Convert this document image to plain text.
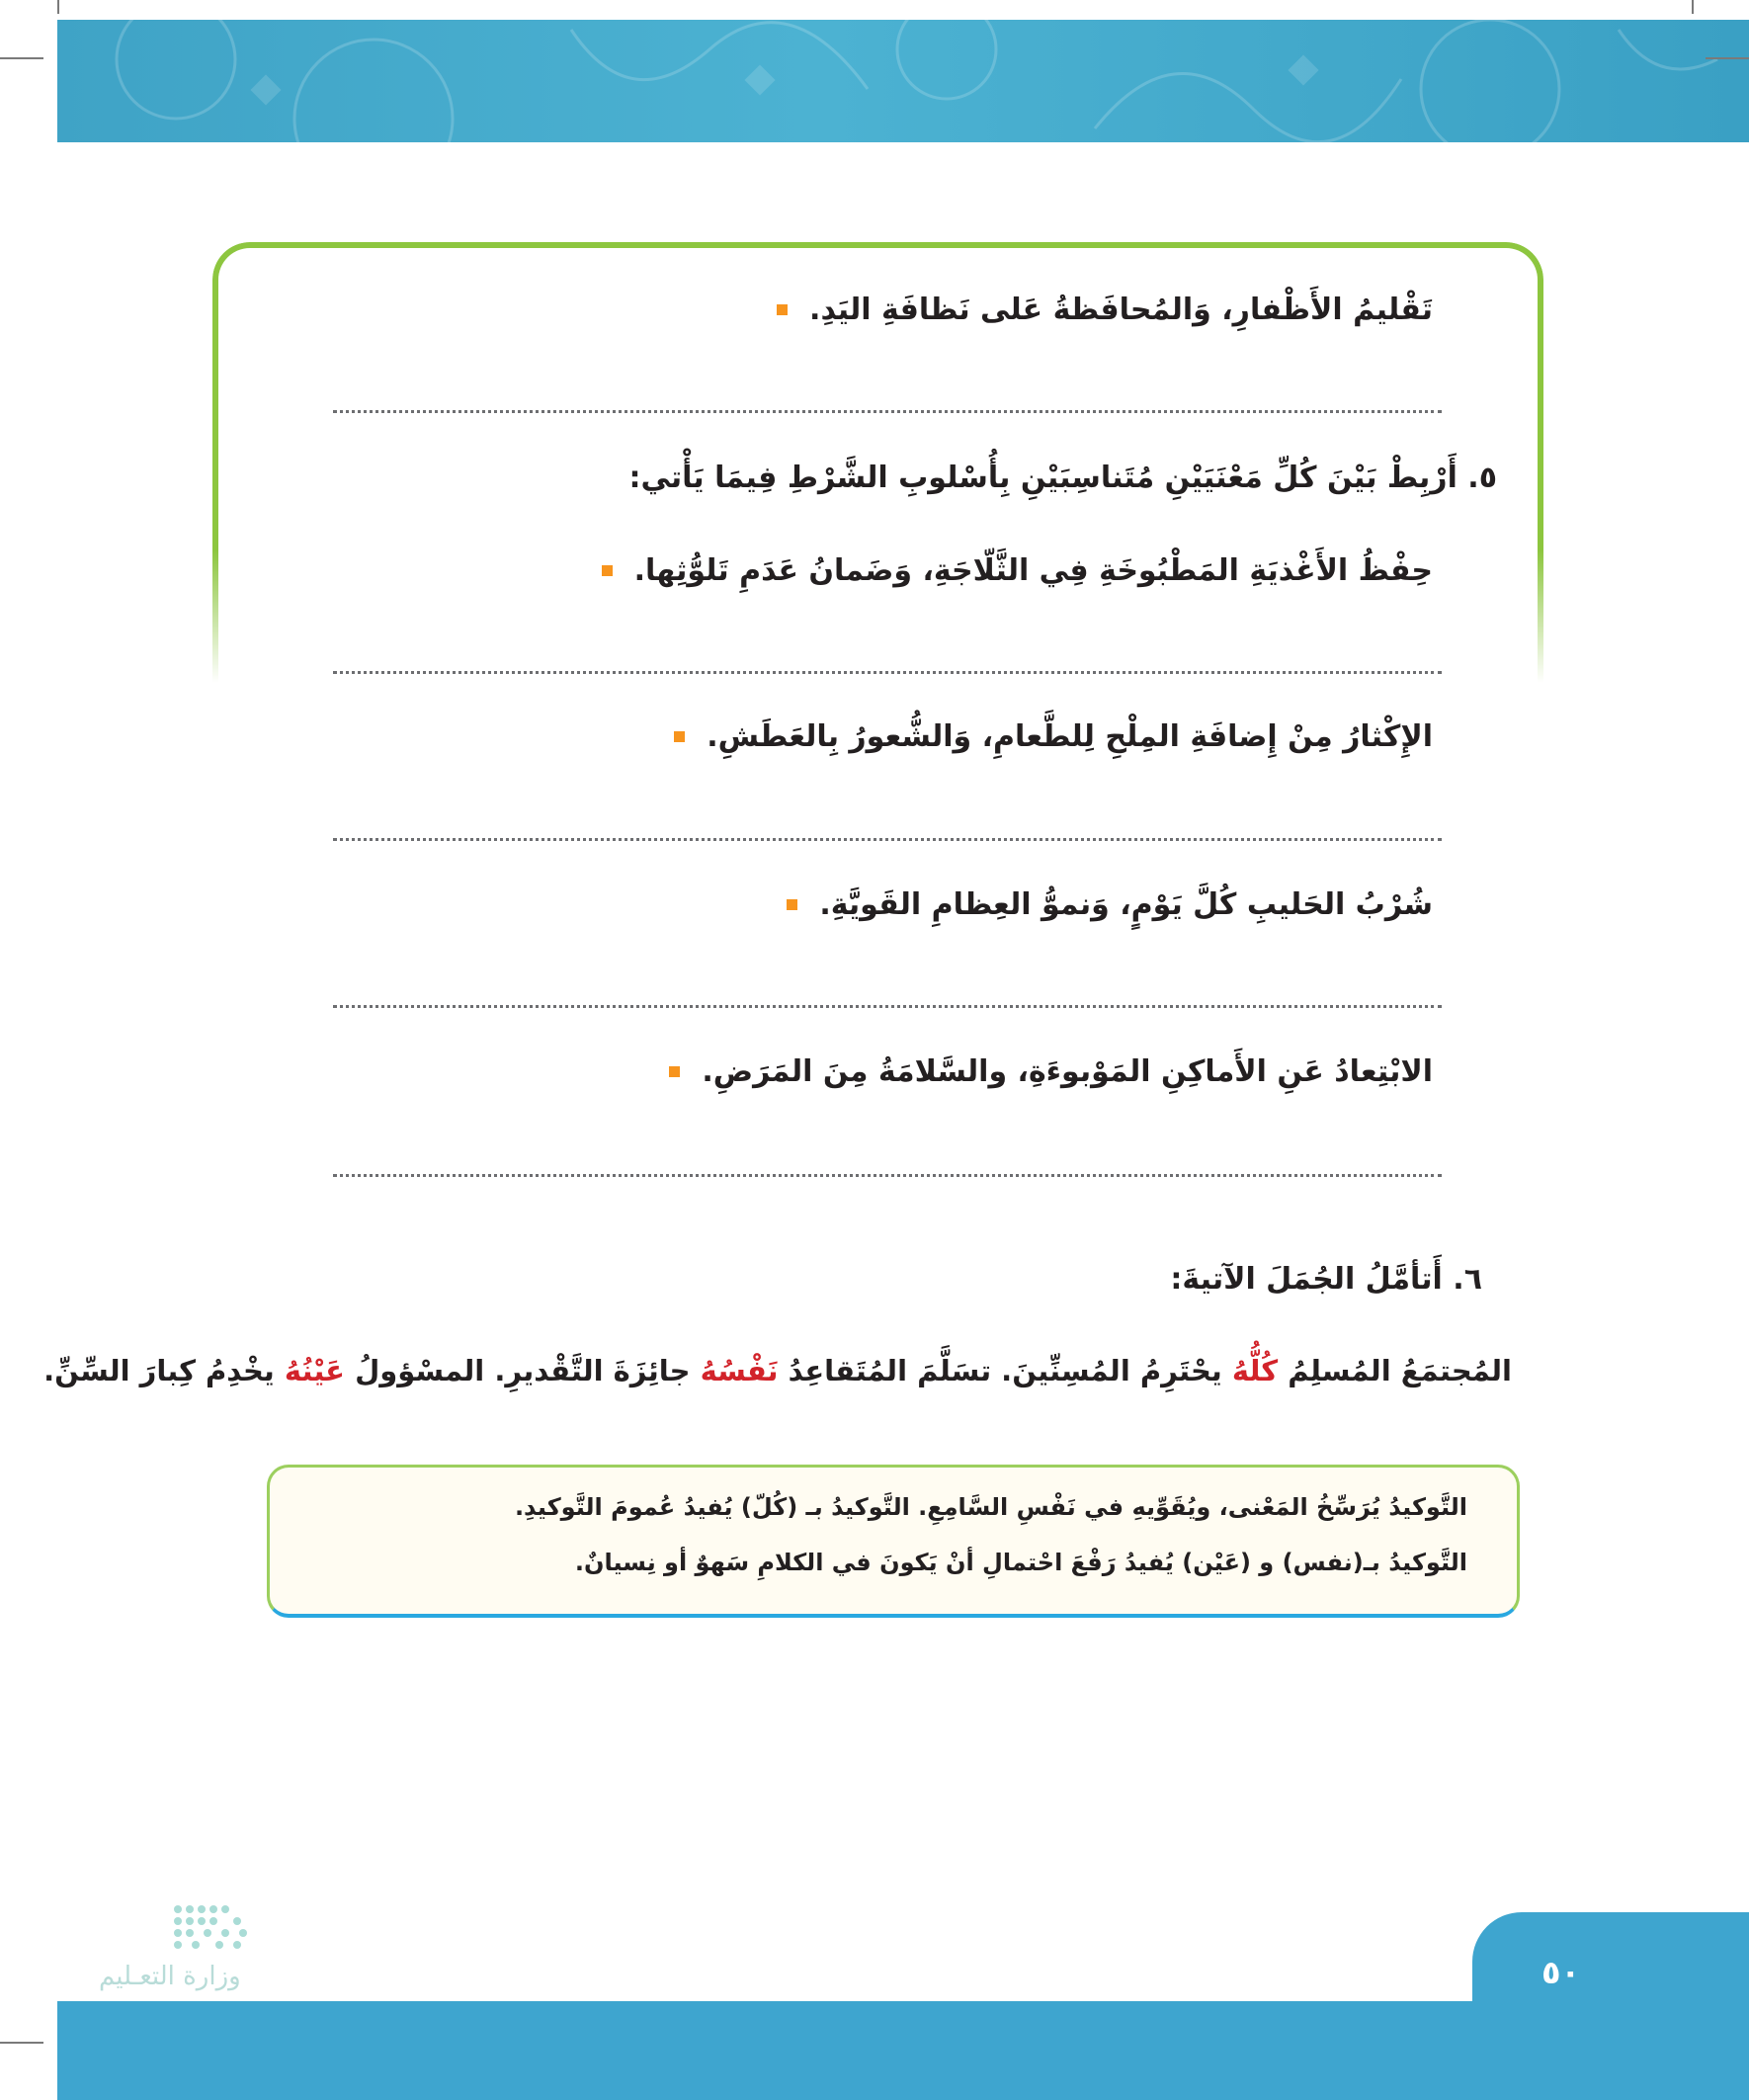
تَقْليمُ الأَظْفارِ، وَالمُحافَظةُ عَلى نَظافَةِ اليَدِ.
٥. أَرْبِطْ بَيْنَ كُلِّ مَعْنَيَيْنِ مُتَناسِبَيْنِ بِأُسْلوبِ الشَّرْطِ فِيمَا يَأْتي:
حِفْظُ الأَغْذيَةِ المَطْبُوخَةِ فِي الثَّلّاجَةِ، وَضَمانُ عَدَمِ تَلوُّثِها.
الإِكْثارُ مِنْ إِضافَةِ المِلْحِ لِلطَّعامِ، وَالشُّعورُ بِالعَطَشِ.
شُرْبُ الحَليبِ كُلَّ يَوْمٍ، وَنموُّ العِظامِ القَويَّةِ.
الابْتِعادُ عَنِ الأَماكِنِ المَوْبوءَةِ، والسَّلامَةُ مِنَ المَرَضِ.
٦. أَتأمَّلُ الجُمَلَ الآتيةَ:
المُجتمَعُ المُسلِمُ كُلُّهُ يحْتَرِمُ المُسِنِّينَ. تسَلَّمَ المُتَقاعِدُ نَفْسُهُ جائِزَةَ التَّقْديرِ. المسْؤولُ عَيْنُهُ يخْدِمُ كِبارَ السِّنِّ.
التَّوكيدُ يُرَسِّخُ المَعْنى، ويُقَوِّيهِ في نَفْسِ السَّامِعِ. التَّوكيدُ بـ (كُلّ) يُفيدُ عُمومَ التَّوكيدِ.
التَّوكيدُ بـ(نفس) و (عَيْن) يُفيدُ رَفْعَ احْتمالِ أنْ يَكونَ في الكلامِ سَهوٌ أو نِسيانٌ.
٥٠
وزارة التعـليم
